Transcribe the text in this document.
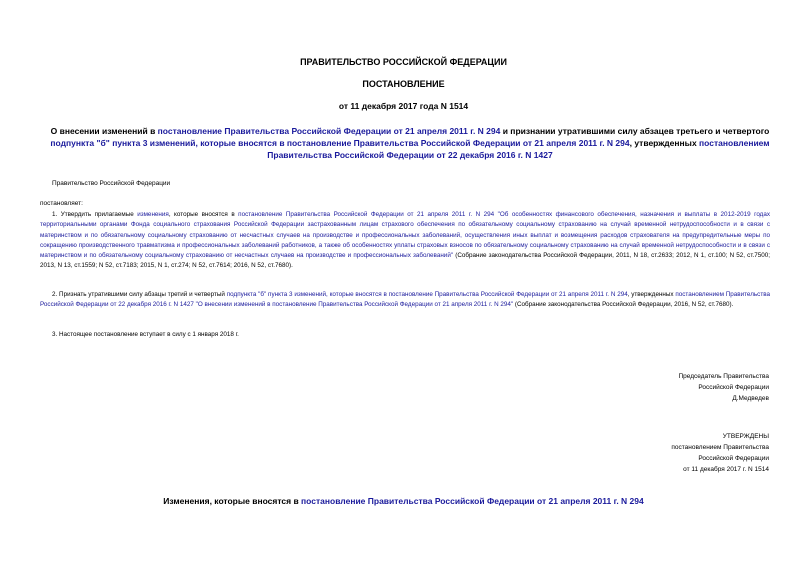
ПРАВИТЕЛЬСТВО РОССИЙСКОЙ ФЕДЕРАЦИИ
ПОСТАНОВЛЕНИЕ
от 11 декабря 2017 года N 1514
О внесении изменений в постановление Правительства Российской Федерации от 21 апреля 2011 г. N 294 и признании утратившими силу абзацев третьего и четвертого подпункта "б" пункта 3 изменений, которые вносятся в постановление Правительства Российской Федерации от 21 апреля 2011 г. N 294, утвержденных постановлением Правительства Российской Федерации от 22 декабря 2016 г. N 1427
Правительство Российской Федерации
постановляет:

1. Утвердить прилагаемые изменения, которые вносятся в постановление Правительства Российской Федерации от 21 апреля 2011 г. N 294 "Об особенностях финансового обеспечения, назначения и выплаты в 2012-2019 годах территориальными органами Фонда социального страхования Российской Федерации застрахованным лицам страхового обеспечения по обязательному социальному страхованию на случай временной нетрудоспособности и в связи с материнством и по обязательному социальному страхованию от несчастных случаев на производстве и профессиональных заболеваний, осуществления иных выплат и возмещения расходов страхователя на предупредительные меры по сокращению производственного травматизма и профессиональных заболеваний работников, а также об особенностях уплаты страховых взносов по обязательному социальному страхованию на случай временной нетрудоспособности и в связи с материнством и по обязательному социальному страхованию от несчастных случаев на производстве и профессиональных заболеваний" (Собрание законодательства Российской Федерации, 2011, N 18, ст.2633; 2012, N 1, ст.100; N 52, ст.7500; 2013, N 13, ст.1559; N 52, ст.7183; 2015, N 1, ст.274; N 52, ст.7614; 2016, N 52, ст.7680).

2. Признать утратившими силу абзацы третий и четвертый подпункта "б" пункта 3 изменений, которые вносятся в постановление Правительства Российской Федерации от 21 апреля 2011 г. N 294, утвержденных постановлением Правительства Российской Федерации от 22 декабря 2016 г. N 1427 "О внесении изменений в постановление Правительства Российской Федерации от 21 апреля 2011 г. N 294" (Собрание законодательства Российской Федерации, 2016, N 52, ст.7680).

3. Настоящее постановление вступает в силу с 1 января 2018 г.

Председатель Правительства
Российской Федерации
Д.Медведев
УТВЕРЖДЕНЫ
постановлением Правительства
Российской Федерации
от 11 декабря 2017 г. N 1514
Изменения, которые вносятся в постановление Правительства Российской Федерации от 21 апреля 2011 г. N 294
